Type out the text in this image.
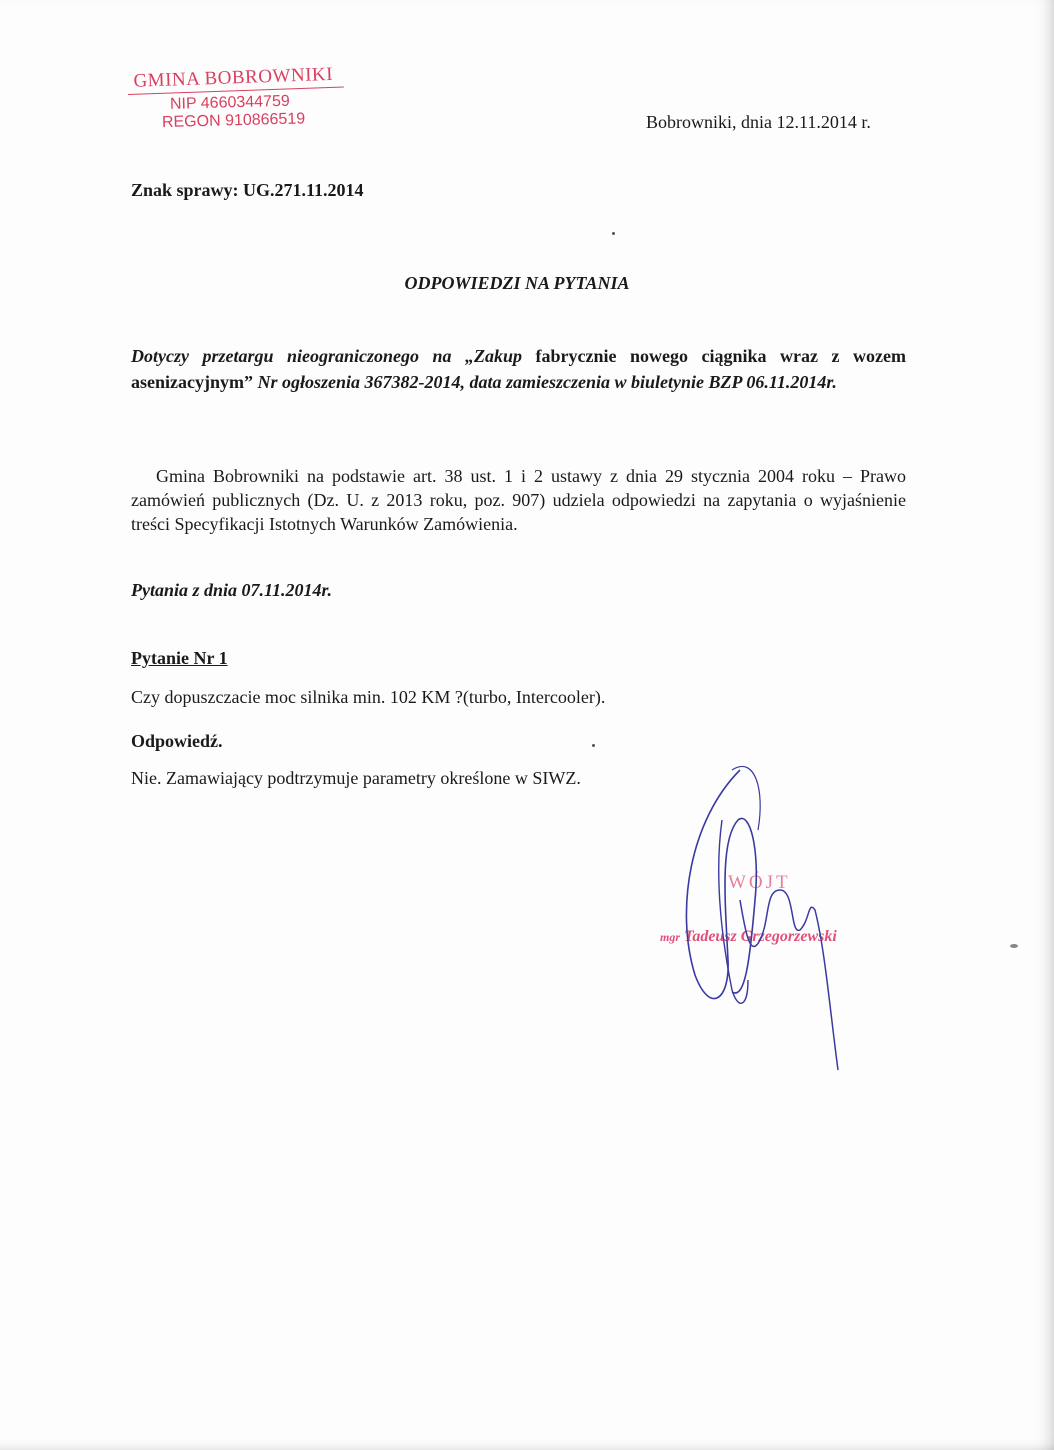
GMINA BOBROWNIKI
NIP 4660344759
REGON 910866519	Bobrowniki, dnia 12.11.2014 r.
Znak sprawy: UG.271.11.2014
ODPOWIEDZI NA PYTANIA
Dotyczy przetargu nieograniczonego na „Zakup fabrycznie nowego ciągnika wraz z wozem asenizacyjnym” Nr ogłoszenia 367382-2014, data zamieszczenia w biuletynie BZP 06.11.2014r.
Gmina Bobrowniki na podstawie art. 38 ust. 1 i 2 ustawy z dnia 29 stycznia 2004 roku – Prawo zamówień publicznych (Dz. U. z 2013 roku, poz. 907) udziela odpowiedzi na zapytania o wyjaśnienie treści Specyfikacji Istotnych Warunków Zamówienia.
Pytania z dnia 07.11.2014r.
Pytanie Nr 1
Czy dopuszczacie moc silnika min. 102 KM ?(turbo, Intercooler).
Odpowiedź.
Nie. Zamawiający podtrzymuje parametry określone w SIWZ.
WÓJT
mgr Tadeusz Grzegorzewski
